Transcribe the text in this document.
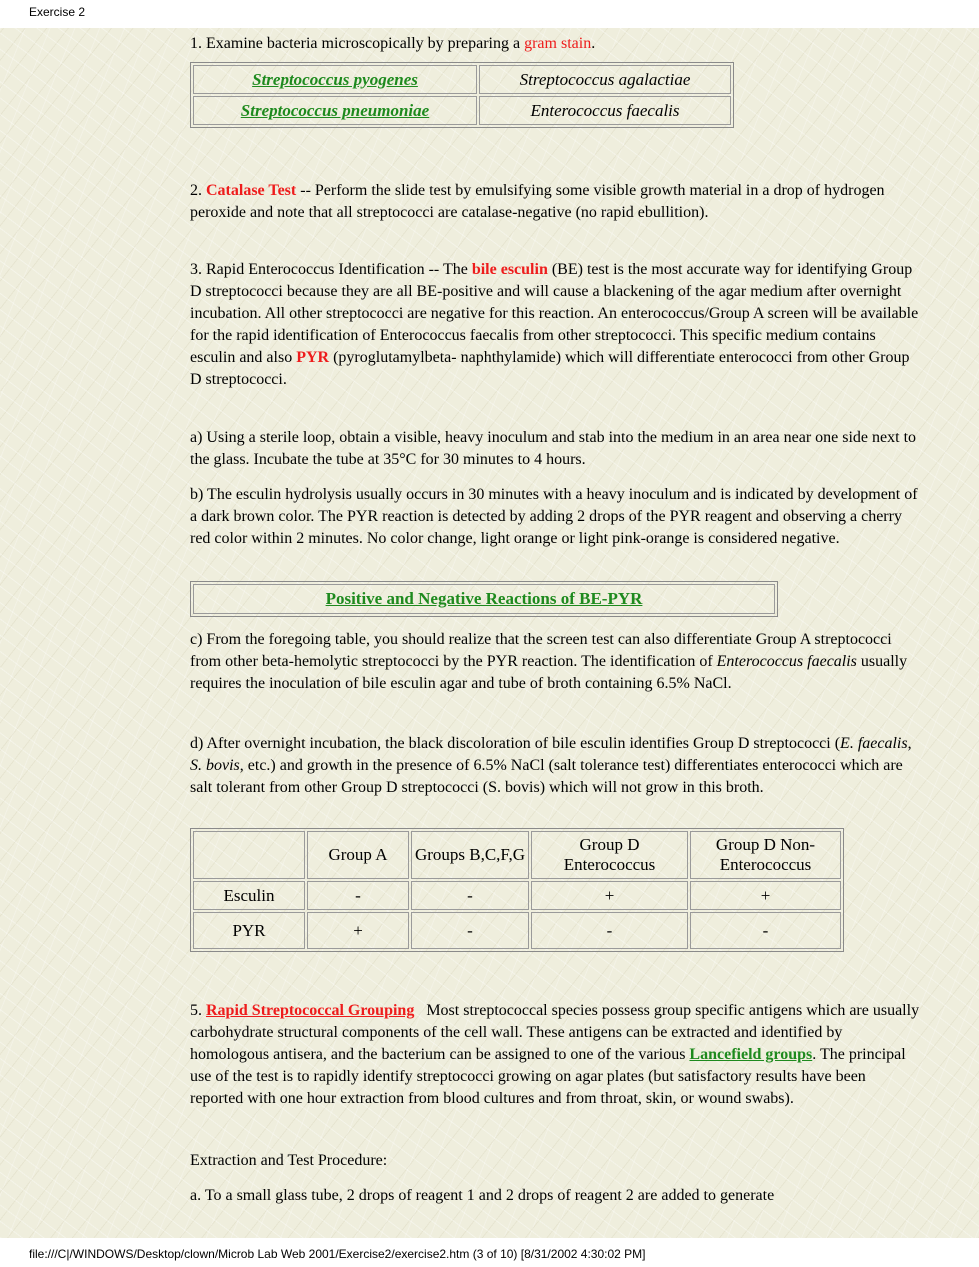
Exercise 2

1. Examine bacteria microscopically by preparing a gram stain.

Streptococcus pyogenes	Streptococcus agalactiae
Streptococcus pneumoniae	Enterococcus faecalis

2. Catalase Test -- Perform the slide test by emulsifying some visible growth material in a drop of hydrogen peroxide and note that all streptococci are catalase-negative (no rapid ebullition).

3. Rapid Enterococcus Identification -- The bile esculin (BE) test is the most accurate way for identifying Group D streptococci because they are all BE-positive and will cause a blackening of the agar medium after overnight incubation. All other streptococci are negative for this reaction. An enterococcus/Group A screen will be available for the rapid identification of Enterococcus faecalis from other streptococci. This specific medium contains esculin and also PYR (pyroglutamylbeta- naphthylamide) which will differentiate enterococci from other Group D streptococci.

a) Using a sterile loop, obtain a visible, heavy inoculum and stab into the medium in an area near one side next to the glass. Incubate the tube at 35°C for 30 minutes to 4 hours.

b) The esculin hydrolysis usually occurs in 30 minutes with a heavy inoculum and is indicated by development of a dark brown color. The PYR reaction is detected by adding 2 drops of the PYR reagent and observing a cherry red color within 2 minutes. No color change, light orange or light pink-orange is considered negative.

Positive and Negative Reactions of BE-PYR

c) From the foregoing table, you should realize that the screen test can also differentiate Group A streptococci from other beta-hemolytic streptococci by the PYR reaction. The identification of Enterococcus faecalis usually requires the inoculation of bile esculin agar and tube of broth containing 6.5% NaCl.

d) After overnight incubation, the black discoloration of bile esculin identifies Group D streptococci (E. faecalis, S. bovis, etc.) and growth in the presence of 6.5% NaCl (salt tolerance test) differentiates enterococci which are salt tolerant from other Group D streptococci (S. bovis) which will not grow in this broth.

	Group A	Groups B,C,F,G	Group D Enterococcus	Group D Non-Enterococcus
Esculin	-	-	+	+
PYR	+	-	-	-

5. Rapid Streptococcal Grouping   Most streptococcal species possess group specific antigens which are usually carbohydrate structural components of the cell wall. These antigens can be extracted and identified by homologous antisera, and the bacterium can be assigned to one of the various Lancefield groups. The principal use of the test is to rapidly identify streptococci growing on agar plates (but satisfactory results have been reported with one hour extraction from blood cultures and from throat, skin, or wound swabs).

Extraction and Test Procedure:

a. To a small glass tube, 2 drops of reagent 1 and 2 drops of reagent 2 are added to generate

file:///C|/WINDOWS/Desktop/clown/Microb Lab Web 2001/Exercise2/exercise2.htm (3 of 10) [8/31/2002 4:30:02 PM]
